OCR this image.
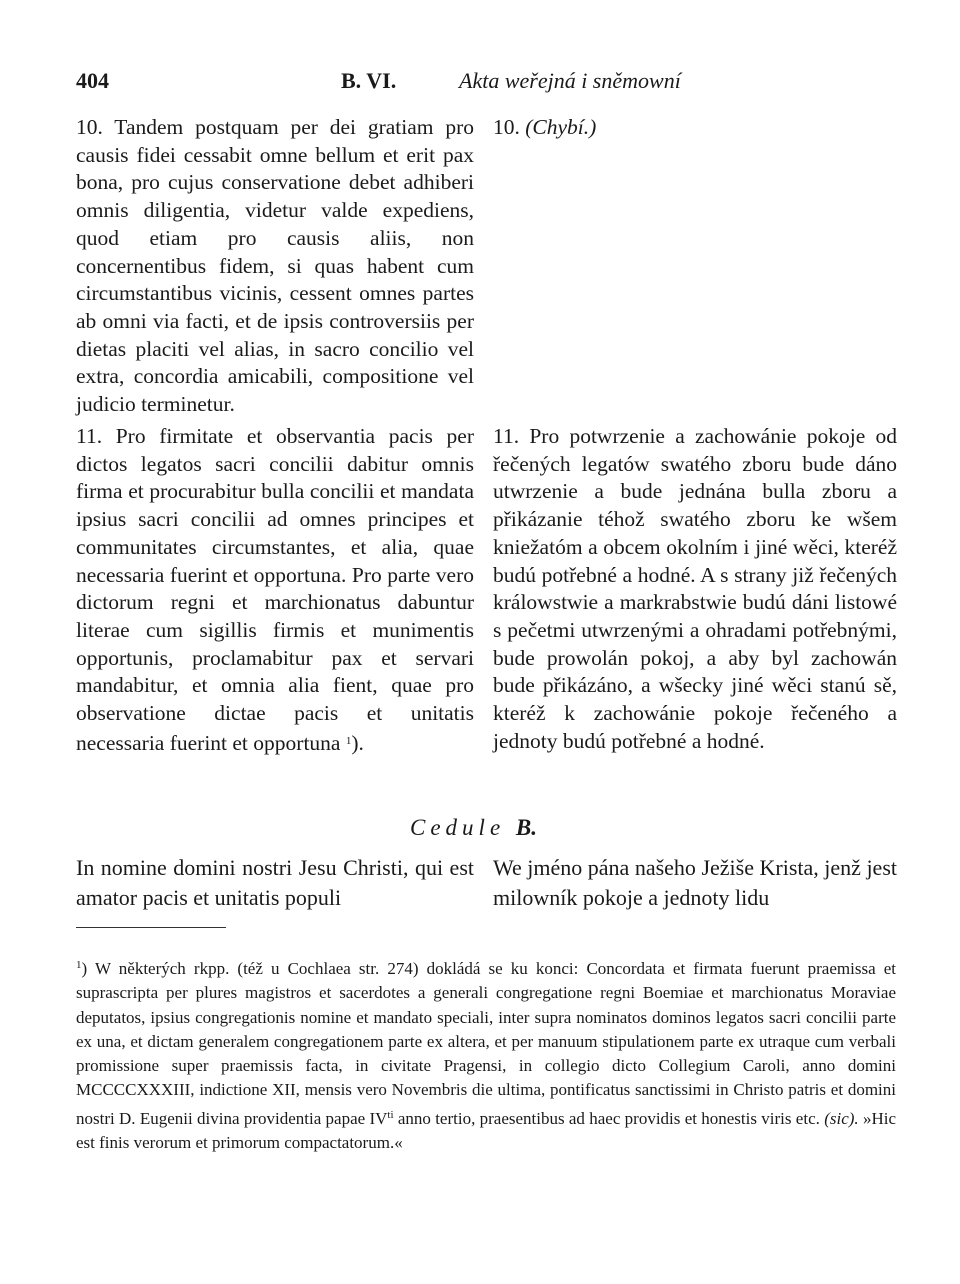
404	B. VI.	Akta weřejná i sněmowní

10. Tandem postquam per dei gratiam pro causis fidei cessabit omne bellum et erit pax bona, pro cujus conservatione debet adhiberi omnis diligentia, videtur valde expediens, quod etiam pro causis aliis, non concernentibus fidem, si quas habent cum circumstantibus vicinis, cessent omnes partes ab omni via facti, et de ipsis controversiis per dietas placiti vel alias, in sacro concilio vel extra, concordia amicabili, compositione vel judicio terminetur.

11. Pro firmitate et observantia pacis per dictos legatos sacri concilii dabitur omnis firma et procurabitur bulla concilii et mandata ipsius sacri concilii ad omnes principes et communitates circumstantes, et alia, quae necessaria fuerint et opportuna. Pro parte vero dictorum regni et marchionatus dabuntur literae cum sigillis firmis et munimentis opportunis, proclamabitur pax et servari mandabitur, et omnia alia fient, quae pro observatione dictae pacis et unitatis necessaria fuerint et opportuna $^1$).

10. (Chybí.)

11. Pro potwrzenie a zachowánie pokoje od řečených legatów swatého zboru bude dáno utwrzenie a bude jednána bulla zboru a přikázanie téhož swatého zboru ke wšem kniežatóm a obcem okolním i jiné wěci, kteréž budú potřebné a hodné. A s strany již řečených králowstwie a markrabstwie budú dáni listowé s pečetmi utwrzenými a ohradami potřebnými, bude prowolán pokoj, a aby byl zachowán bude přikázáno, a wšecky jiné wěci stanú sě, kteréž k zachowánie pokoje řečeného a jednoty budú potřebné a hodné.

Cedule B.

In nomine domini nostri Jesu Christi, qui est amator pacis et unitatis populi

We jméno pána našeho Ježiše Krista, jenž jest milowník pokoje a jednoty lidu

$^1$) W některých rkpp. (též u Cochlaea str. 274) dokládá se ku konci: Concordata et firmata fuerunt praemissa et suprascripta per plures magistros et sacerdotes a generali congregatione regni Boemiae et marchionatus Moraviae deputatos, ipsius congregationis nomine et mandato speciali, inter supra nominatos dominos legatos sacri concilii parte ex una, et dictam generalem congregationem parte ex altera, et per manuum stipulationem parte ex utraque cum verbali promissione super praemissis facta, in civitate Pragensi, in collegio dicto Collegium Caroli, anno domini MCCCCXXXIII, indictione XII, mensis vero Novembris die ultima, pontificatus sanctissimi in Christo patris et domini nostri D. Eugenii divina providentia papae IV$^{ti}$ anno tertio, praesentibus ad haec providis et honestis viris etc. (sic). »Hic est finis verorum et primorum compactatorum.«
